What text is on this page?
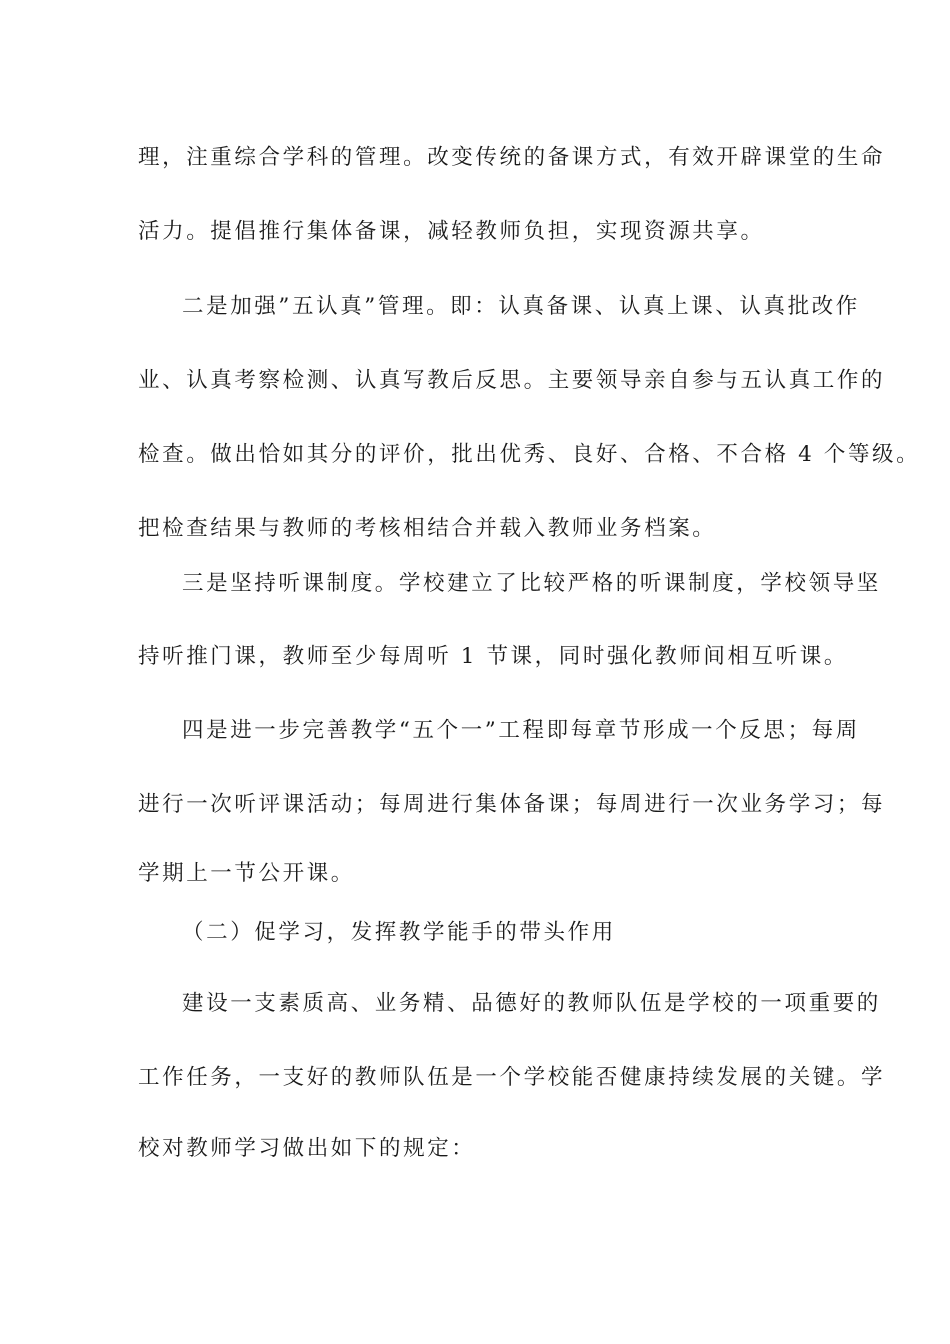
理，注重综合学科的管理。改变传统的备课方式，有效开辟课堂的生命
活力。提倡推行集体备课，减轻教师负担，实现资源共享。
二是加强”五认真”管理。即：认真备课、认真上课、认真批改作
业、认真考察检测、认真写教后反思。主要领导亲自参与五认真工作的
检查。做出恰如其分的评价，批出优秀、良好、合格、不合格 4 个等级。
把检查结果与教师的考核相结合并载入教师业务档案。
三是坚持听课制度。学校建立了比较严格的听课制度，学校领导坚
持听推门课，教师至少每周听 1 节课，同时强化教师间相互听课。
四是进一步完善教学“五个一”工程即每章节形成一个反思；每周
进行一次听评课活动；每周进行集体备课；每周进行一次业务学习；每
学期上一节公开课。
（二）促学习，发挥教学能手的带头作用
建设一支素质高、业务精、品德好的教师队伍是学校的一项重要的
工作任务，一支好的教师队伍是一个学校能否健康持续发展的关键。学
校对教师学习做出如下的规定：
